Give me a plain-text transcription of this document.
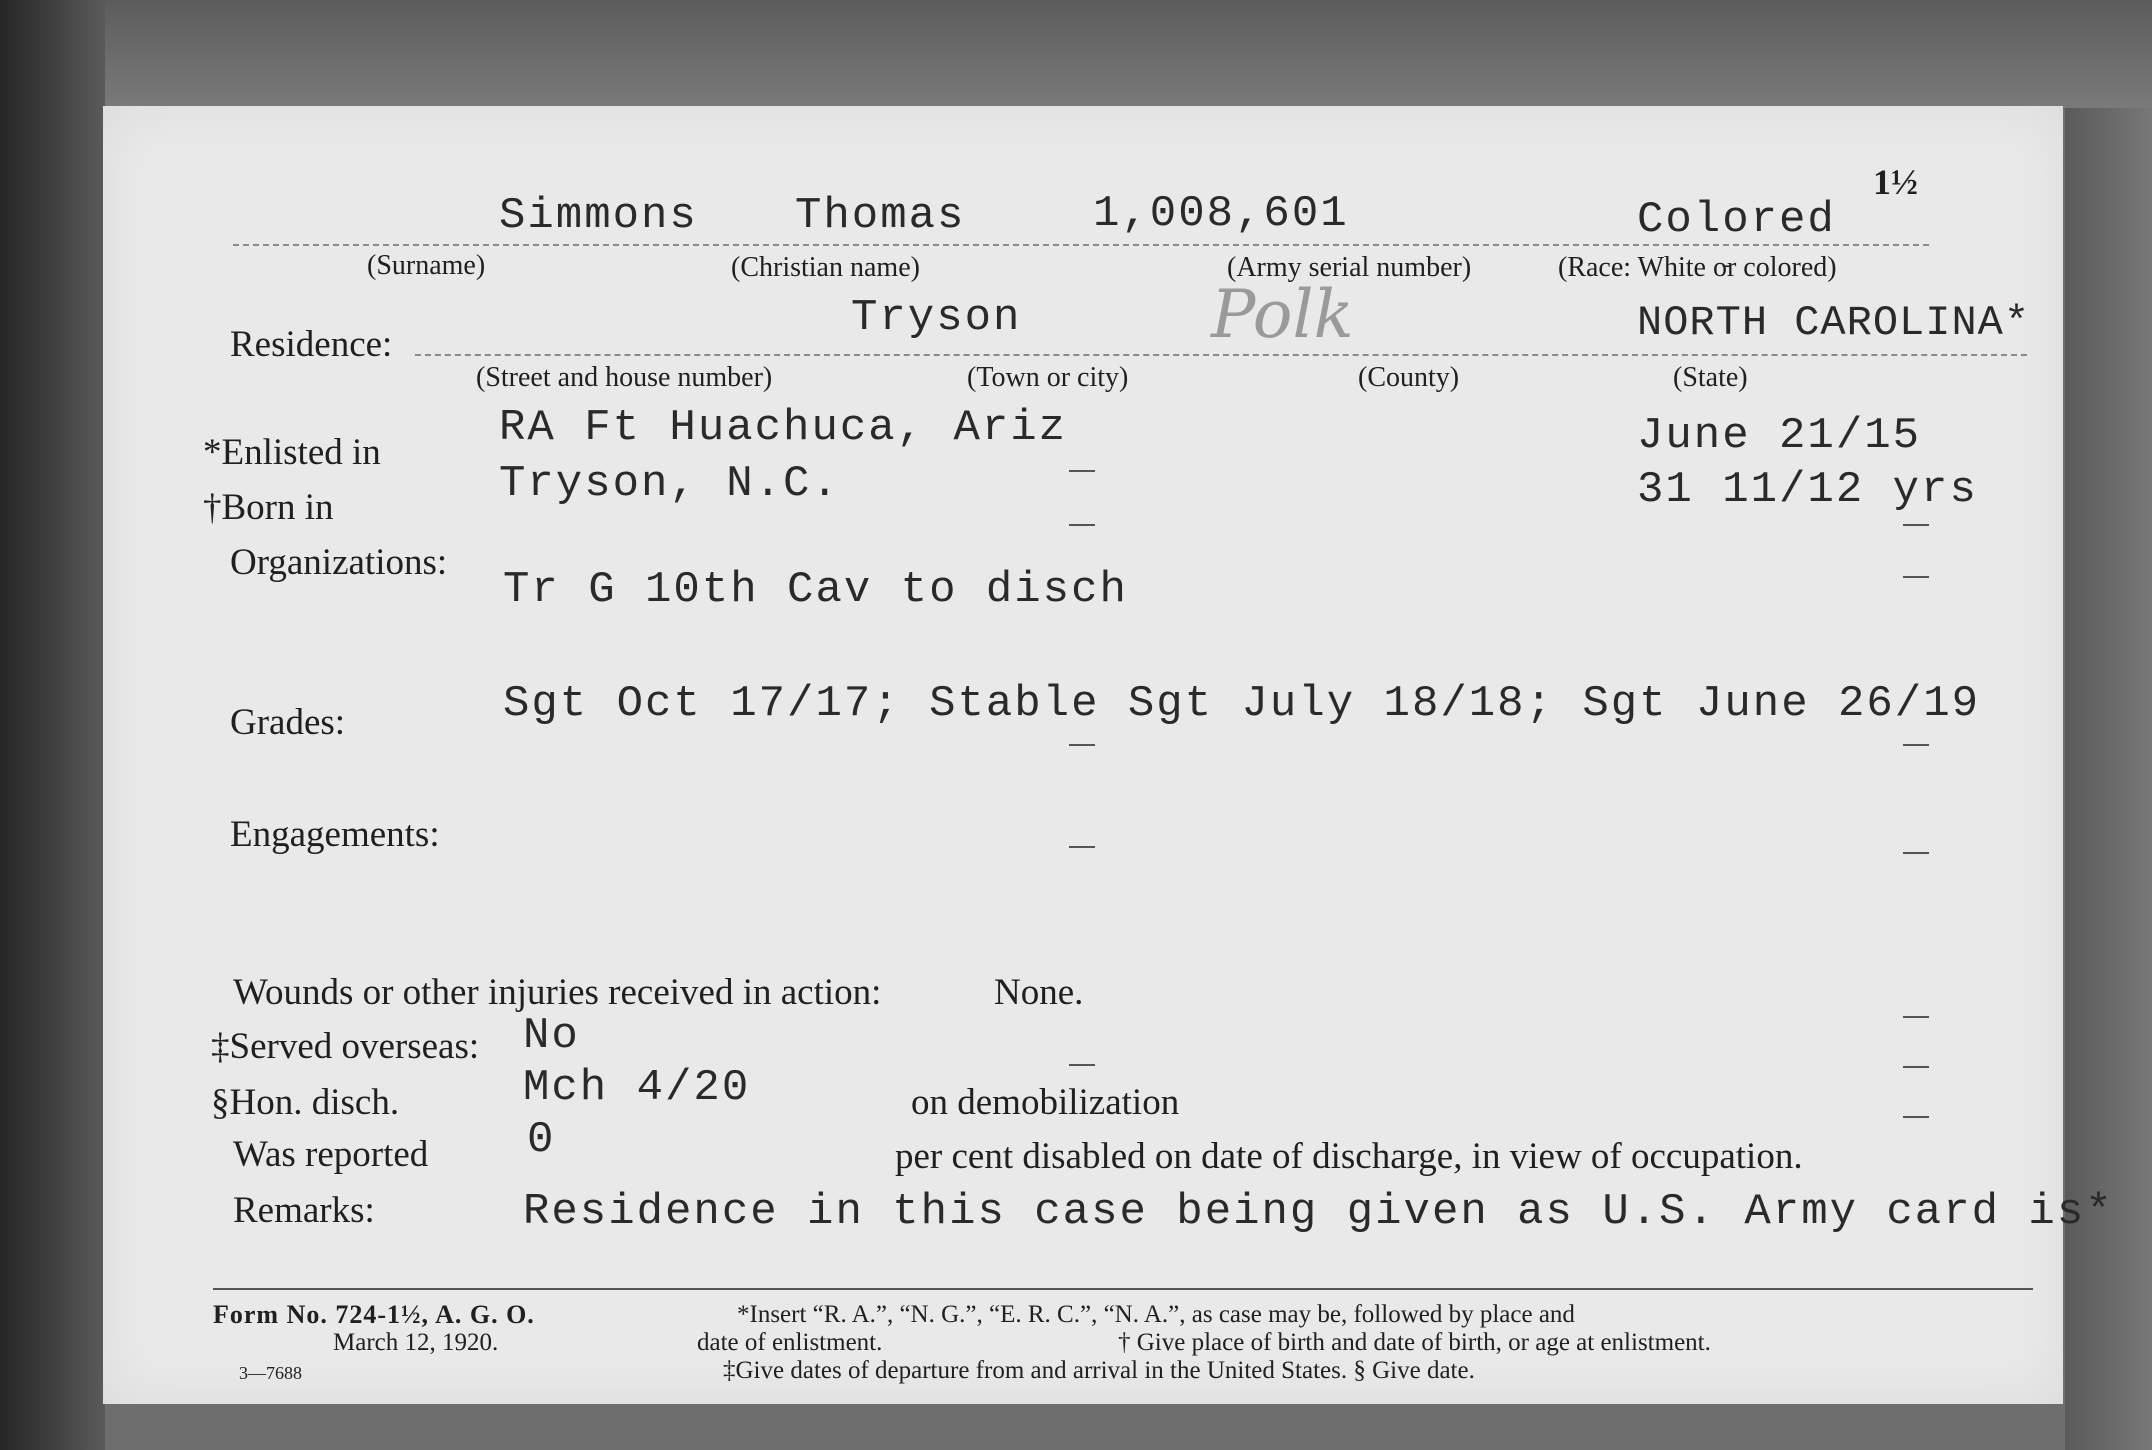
1½
Simmons Thomas	1,008,601	Colored
(Surname)	(Christian name)	(Army serial number)	(Race: White o̵r colored)
Residence:
Tryson	Polk	NORTH CAROLINA*
(Street and house number)	(Town or city)	(County)	(State)
*Enlisted in	RA Ft Huachuca, Ariz	June 21/15
†Born in	Tryson, N.C.	31 11/12 yrs
Organizations:
Tr G 10th Cav to disch
Grades:	Sgt Oct 17/17; Stable Sgt July 18/18; Sgt June 26/19
Engagements:
Wounds or other injuries received in action:	None.
‡Served overseas: No
§Hon. disch.	Mch 4/20	on demobilization
Was reported 0	per cent disabled on date of discharge, in view of occupation.
Remarks:	Residence in this case being given as U.S. Army card is*
Form No. 724-1½, A. G. O.
March 12, 1920.
3—7688
*Insert “R. A.”, “N. G.”, “E. R. C.”, “N. A.”, as case may be, followed by place and
date of enlistment.	† Give place of birth and date of birth, or age at enlistment.
‡Give dates of departure from and arrival in the United States. § Give date.
